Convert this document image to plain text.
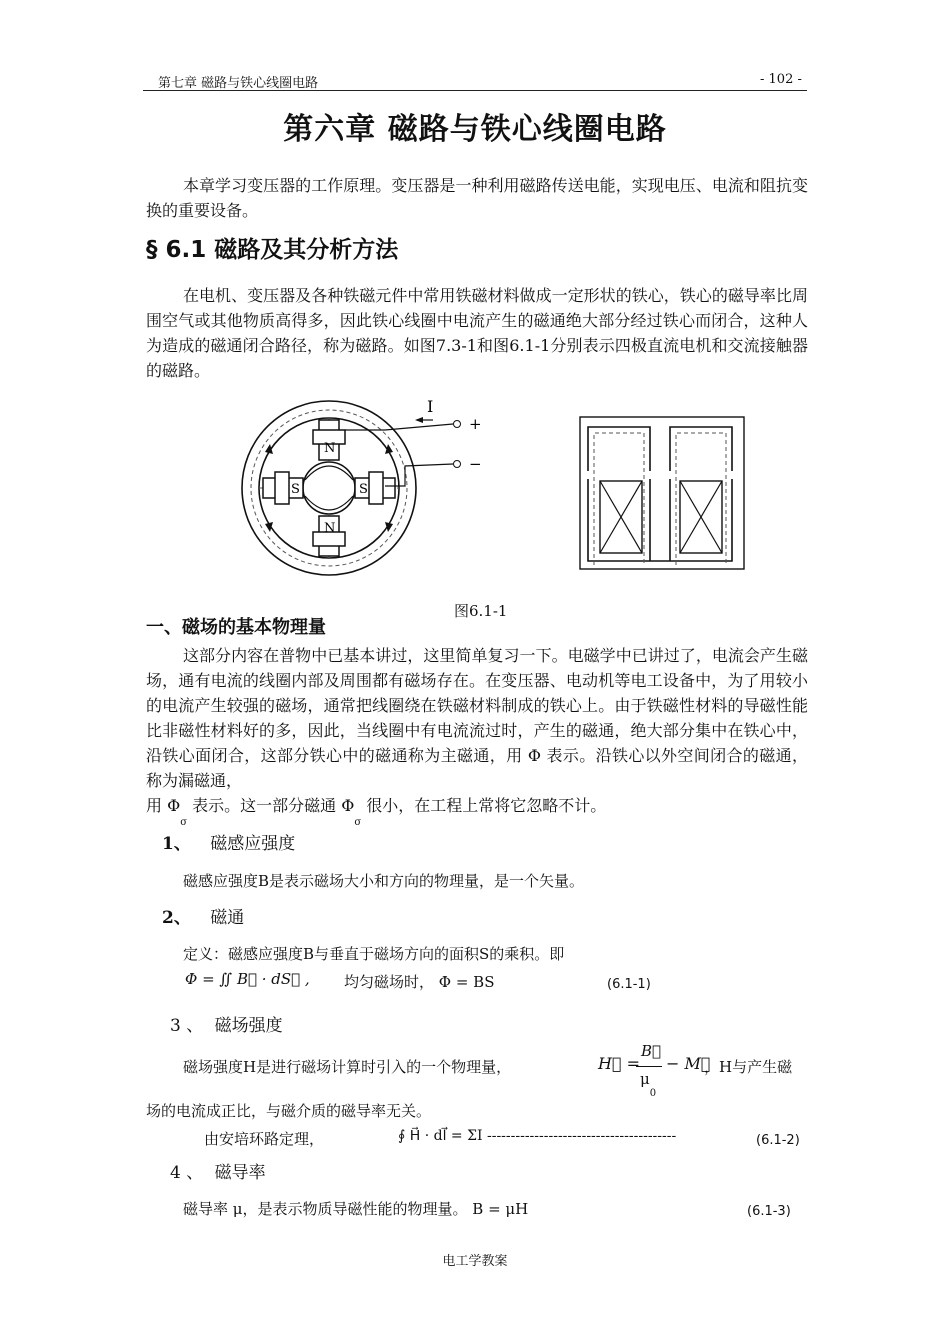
第七章 磁路与铁心线圈电路	- 102 -
第六章 磁路与铁心线圈电路
本章学习变压器的工作原理。变压器是一种利用磁路传送电能，实现电压、电流和阻抗变换的重要设备。
§ 6.1 磁路及其分析方法
在电机、变压器及各种铁磁元件中常用铁磁材料做成一定形状的铁心，铁心的磁导率比周围空气或其他物质高得多，因此铁心线圈中电流产生的磁通绝大部分经过铁心而闭合，这种人为造成的磁通闭合路径，称为磁路。如图7.3-1和图6.1-1分别表示四极直流电机和交流接触器的磁路。
I
+
−
N
N
S	S
图6.1-1
一、磁场的基本物理量
这部分内容在普物中已基本讲过，这里简单复习一下。电磁学中已讲过了，电流会产生磁场，通有电流的线圈内部及周围都有磁场存在。在变压器、电动机等电工设备中，为了用较小的电流产生较强的磁场，通常把线圈绕在铁磁材料制成的铁心上。由于铁磁性材料的导磁性能比非磁性材料好的多，因此，当线圈中有电流流过时，产生的磁通，绝大部分集中在铁心中，沿铁心面闭合，这部分铁心中的磁通称为主磁通，用 Φ 表示。沿铁心以外空间闭合的磁通，称为漏磁通，
用 $\Phi_\sigma$ 表示。这一部分磁通 $\Phi_\sigma$ 很小，在工程上常将它忽略不计。
1、 磁感应强度
磁感应强度B是表示磁场大小和方向的物理量，是一个矢量。
2、 磁通
定义：磁感应强度B与垂直于磁场方向的面积S的乘积。即
Φ = ∬ B⃗ · dS⃗ , 均匀磁场时， Φ = BS	(6.1-1)
3 、 磁场强度
磁场强度H是进行磁场计算时引入的一个物理量，	H⃗ =
B⃗
$\mu_0$
− M⃗
，H与产生磁
场的电流成正比，与磁介质的磁导率无关。
由安培环路定理，	∮ H⃗ · dl⃗ = ΣI ----------------------------------------	(6.1-2)
4 、 磁导率
磁导率 μ，是表示物质导磁性能的物理量。 B = μH	(6.1-3)
电工学教案
